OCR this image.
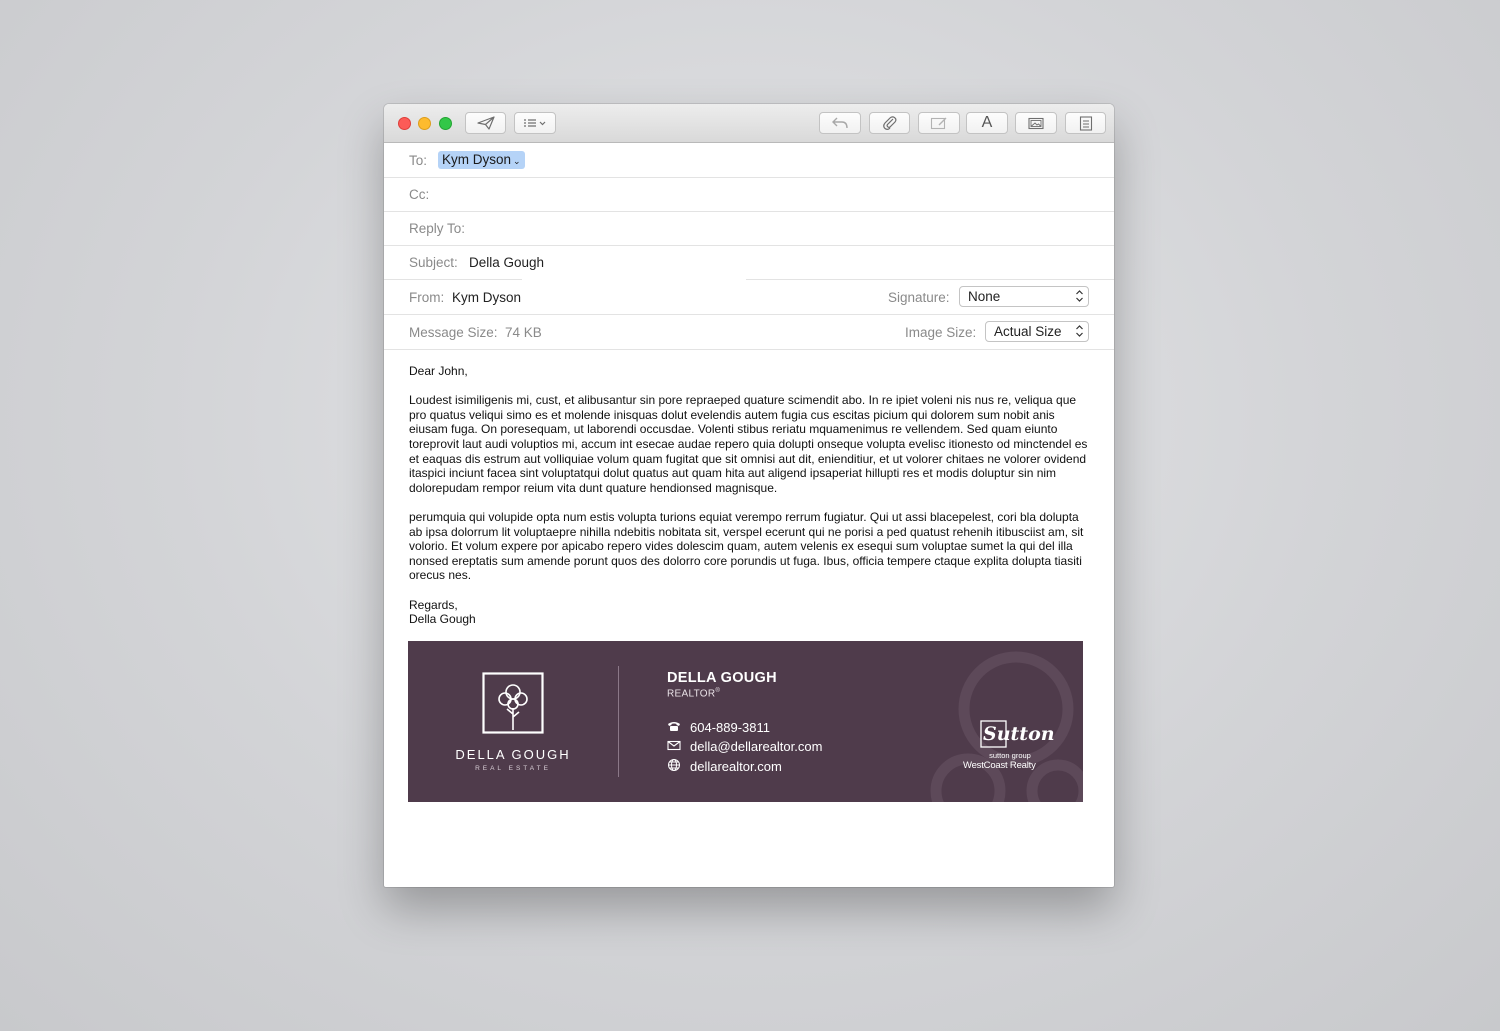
A
To: Kym Dyson ⌄
Cc:
Reply To:
Subject: Della Gough
From: Kym Dyson	Signature:	None
Message Size: 74 KB	Image Size:	Actual Size

Dear John,

Loudest isimiligenis mi, cust, et alibusantur sin pore repraeped quature scimendit abo. In re ipiet voleni nis nus re, veliqua que pro quatus veliqui simo es et molende inisquas dolut evelendis autem fugia cus escitas picium qui dolorem sum nobit anis eiusam fuga. On poresequam, ut laborendi occusdae. Volenti stibus reriatu mquamenimus re vellendem. Sed quam eiunto toreprovit laut audi voluptios mi, accum int esecae audae repero quia dolupti onseque volupta evelisc itionesto od minctendel es et eaquas dis estrum aut volliquiae volum quam fugitat que sit omnisi aut dit, enienditiur, et ut volorer chitaes ne volorer ovidend itaspici inciunt facea sint voluptatqui dolut quatus aut quam hita aut aligend ipsaperiat hillupti res et modis doluptur sin nim dolorepudam rempor reium vita dunt quature hendionsed magnisque.

perumquia qui volupide opta num estis volupta turions equiat verempo rerrum fugiatur. Qui ut assi blacepelest, cori bla dolupta ab ipsa dolorrum lit voluptaepre nihilla ndebitis nobitata sit, verspel ecerunt qui ne porisi a ped quatust rehenih itibusciist am, sit volorio. Et volum expere por apicabo repero vides dolescim quam, autem velenis ex esequi sum voluptae sumet la qui del illa nonsed ereptatis sum amende porunt quos des dolorro core porundis ut fuga. Ibus, officia tempere ctaque explita dolupta tiasiti orecus nes.

Regards,
Della Gough
DELLA GOUGH
REAL ESTATE
DELLA GOUGH
REALTOR®
604-889-3811
della@dellarealtor.com
dellarealtor.com
Sutton
sutton group
WestCoast Realty
